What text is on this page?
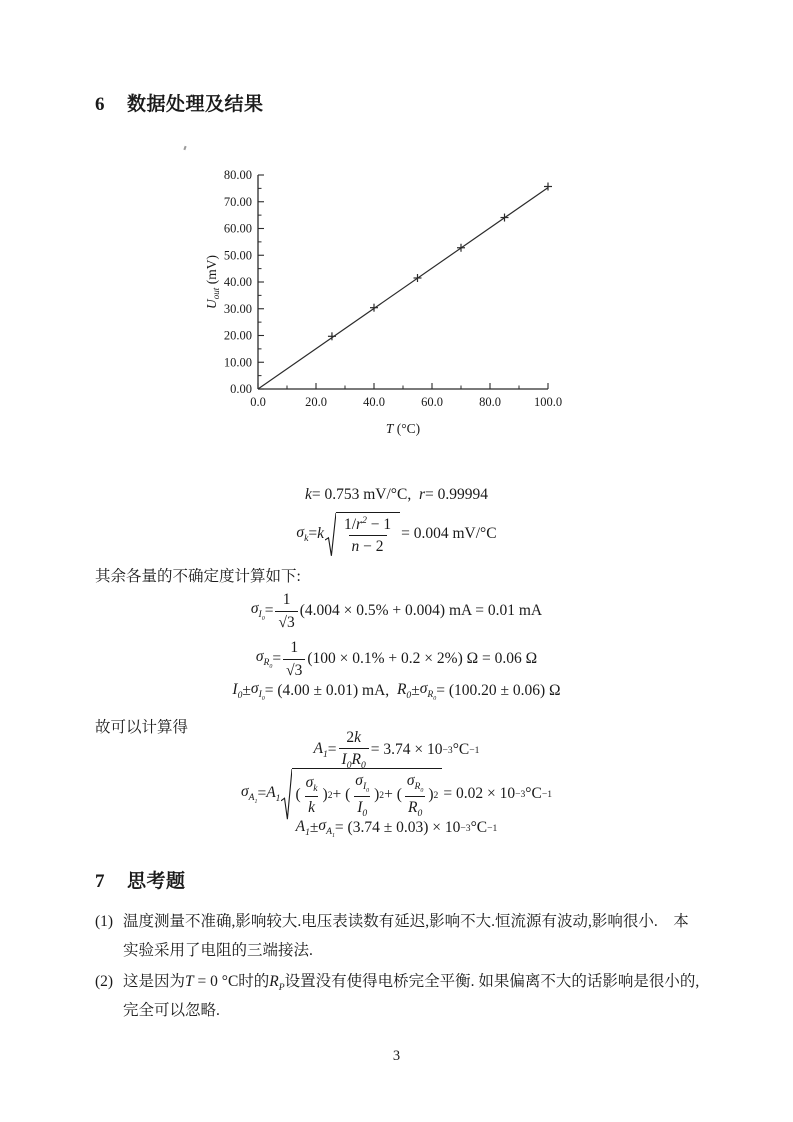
6 数据处理及结果
0.0	20.0	40.0	60.0	80.0	100.0
0.00
10.00
20.00
30.00
40.00
50.00
60.00
70.00
80.00
T (°C)
$U_{out}$ (mV)
k = 0.753 mV/°C,
  r = 0.99994
$\sigma_k = k \frac{1/r^2 - 1}{n - 2} = 0.004$ mV/°C
其余各量的不确定度计算如下:
$\sigma_{I_0} = \frac{1}{√3} (4.004 \times 0.5\% + 0.004)$ mA = 0.01 mA
$\sigma_{R_0} = \frac{1}{√3} (100 \times 0.1\% + 0.2 \times 2\%) \Omega = 0.06$ Ω
$I_0 \pm \sigma_{I_0} = (4.00 \pm 0.01)$ mA,
  $R_0 \pm \sigma_{R_0} = (100.20 \pm 0.06)$ Ω
故可以计算得
$A_1 = \frac{2k}{I_0R_0} = 3.74 \times 10 -3$ °C −1
$\sigma_{A_1} = A_1$ ( $\frac{\sigma_k}{k}$ ) 2 + ( $\frac{\sigma_{I_0}}{I_0}$ ) 2 + ( $\frac{\sigma_{R_0}}{R_0}$ ) 2 = 0.02 × 10 −3 °C −1
$A_1 \pm \sigma_{A_1} = (3.74 \pm 0.03) \times 10 -3$ °C −1
7 思考题
(1) 温度测量不准确,影响较大.电压表读数有延迟,影响不大.恒流源有波动,影响很小. 本实验采用了电阻的三端接法.
(2) 这是因为T = 0 °C时的$R_P$设置没有使得电桥完全平衡. 如果偏离不大的话影响是很小的,完全可以忽略.
3
